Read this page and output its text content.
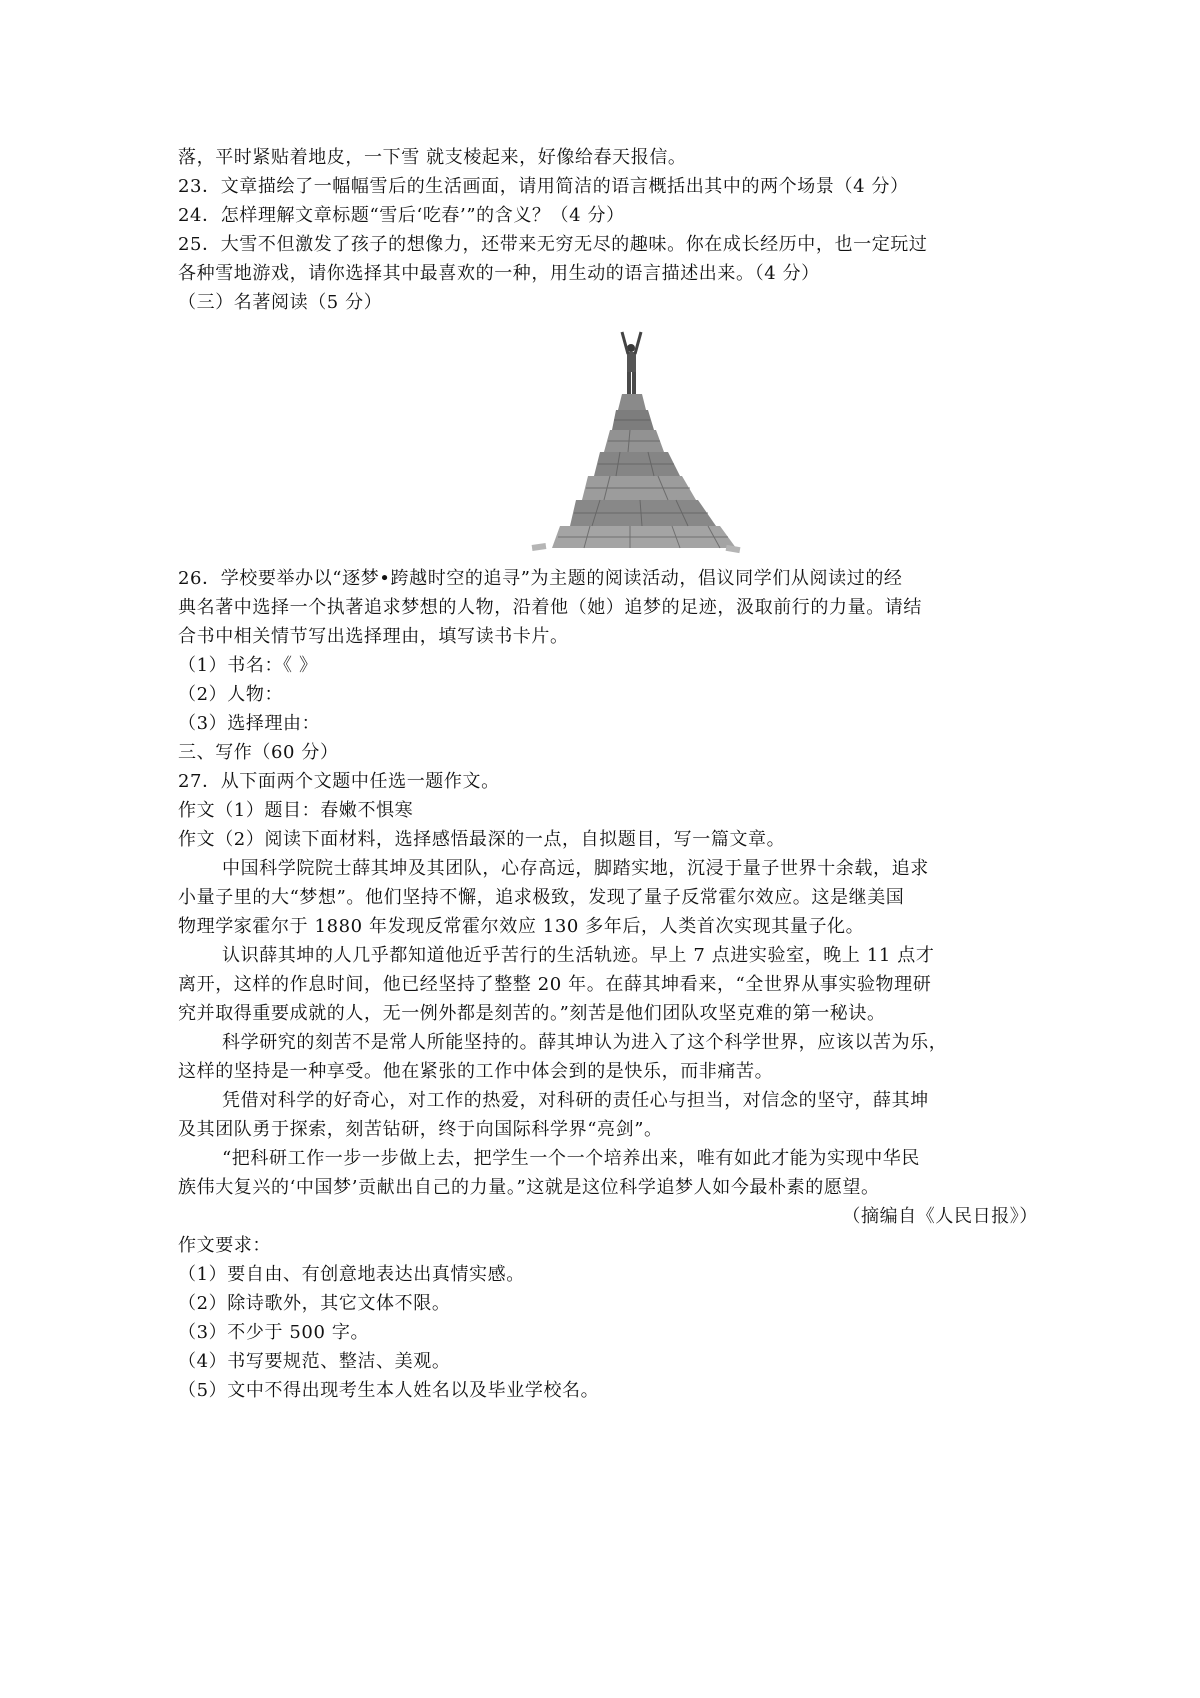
落，平时紧贴着地皮，一下雪 就支棱起来，好像给春天报信。
23．文章描绘了一幅幅雪后的生活画面，请用简洁的语言概括出其中的两个场景（4 分）
24．怎样理解文章标题“雪后‘吃春’”的含义？（4 分）
25．大雪不但激发了孩子的想像力，还带来无穷无尽的趣味。你在成长经历中，也一定玩过
各种雪地游戏，请你选择其中最喜欢的一种，用生动的语言描述出来。（4 分）
（三）名著阅读（5 分）
26．学校要举办以“逐梦•跨越时空的追寻”为主题的阅读活动，倡议同学们从阅读过的经
典名著中选择一个执著追求梦想的人物，沿着他（她）追梦的足迹，汲取前行的力量。请结
合书中相关情节写出选择理由，填写读书卡片。
（1）书名：《 》
（2）人物：
（3）选择理由：
三、写作（60 分）
27．从下面两个文题中任选一题作文。
作文（1）题目：春嫩不惧寒
作文（2）阅读下面材料，选择感悟最深的一点，自拟题目，写一篇文章。
中国科学院院士薛其坤及其团队，心存高远，脚踏实地，沉浸于量子世界十余载，追求
小量子里的大“梦想”。他们坚持不懈，追求极致，发现了量子反常霍尔效应。这是继美国
物理学家霍尔于 1880 年发现反常霍尔效应 130 多年后，人类首次实现其量子化。
认识薛其坤的人几乎都知道他近乎苦行的生活轨迹。早上 7 点进实验室，晚上 11 点才
离开，这样的作息时间，他已经坚持了整整 20 年。在薛其坤看来，“全世界从事实验物理研
究并取得重要成就的人，无一例外都是刻苦的。”刻苦是他们团队攻坚克难的第一秘诀。
科学研究的刻苦不是常人所能坚持的。薛其坤认为进入了这个科学世界，应该以苦为乐，
这样的坚持是一种享受。他在紧张的工作中体会到的是快乐，而非痛苦。
凭借对科学的好奇心，对工作的热爱，对科研的责任心与担当，对信念的坚守，薛其坤
及其团队勇于探索，刻苦钻研，终于向国际科学界“亮剑”。
“把科研工作一步一步做上去，把学生一个一个培养出来，唯有如此才能为实现中华民
族伟大复兴的‘中国梦’贡献出自己的力量。”这就是这位科学追梦人如今最朴素的愿望。
（摘编自《人民日报》）
作文要求：
（1）要自由、有创意地表达出真情实感。
（2）除诗歌外，其它文体不限。
（3）不少于 500 字。
（4）书写要规范、整洁、美观。
（5）文中不得出现考生本人姓名以及毕业学校名。
